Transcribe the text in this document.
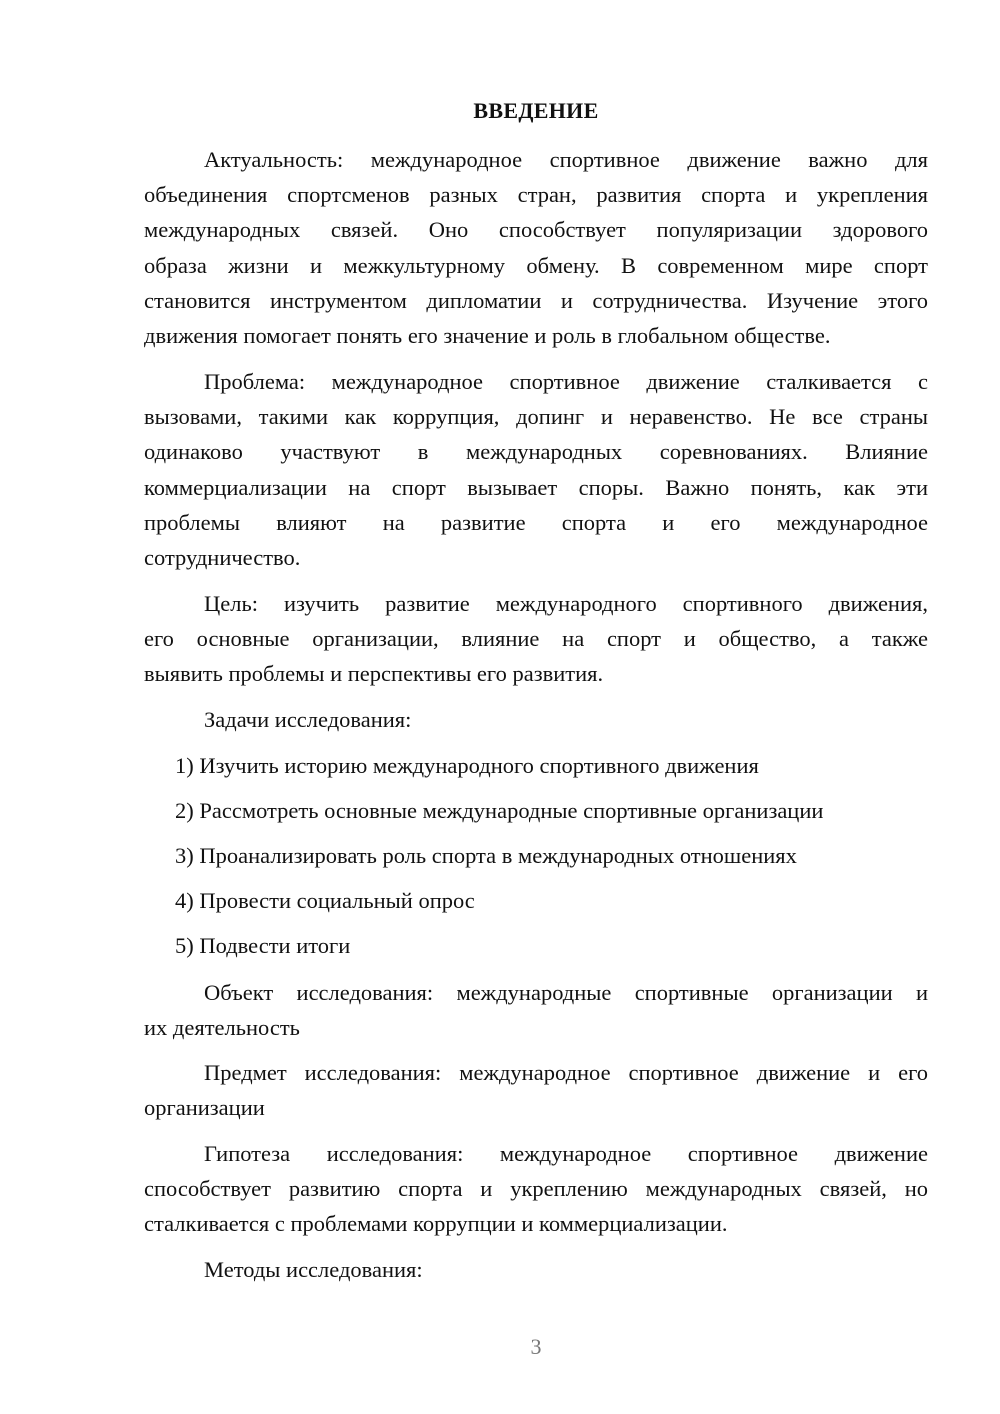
ВВЕДЕНИЕ

Актуальность: международное спортивное движение важно для

объединения спортсменов разных стран, развития спорта и укрепления

международных связей. Оно способствует популяризации здорового

образа жизни и межкультурному обмену. В современном мире спорт

становится инструментом дипломатии и сотрудничества. Изучение этого

движения помогает понять его значение и роль в глобальном обществе.

Проблема: международное спортивное движение сталкивается с

вызовами, такими как коррупция, допинг и неравенство. Не все страны

одинаково участвуют в международных соревнованиях. Влияние

коммерциализации на спорт вызывает споры. Важно понять, как эти

проблемы влияют на развитие спорта и его международное

сотрудничество.

Цель: изучить развитие международного спортивного движения,

его основные организации, влияние на спорт и общество, а также

выявить проблемы и перспективы его развития.

Задачи исследования:

1) Изучить историю международного спортивного движения
2) Рассмотреть основные международные спортивные организации
3) Проанализировать роль спорта в международных отношениях
4) Провести социальный опрос
5) Подвести итоги

Объект исследования: международные спортивные организации и

их деятельность

Предмет исследования: международное спортивное движение и его

организации

Гипотеза исследования: международное спортивное движение

способствует развитию спорта и укреплению международных связей, но

сталкивается с проблемами коррупции и коммерциализации.

Методы исследования:

3
